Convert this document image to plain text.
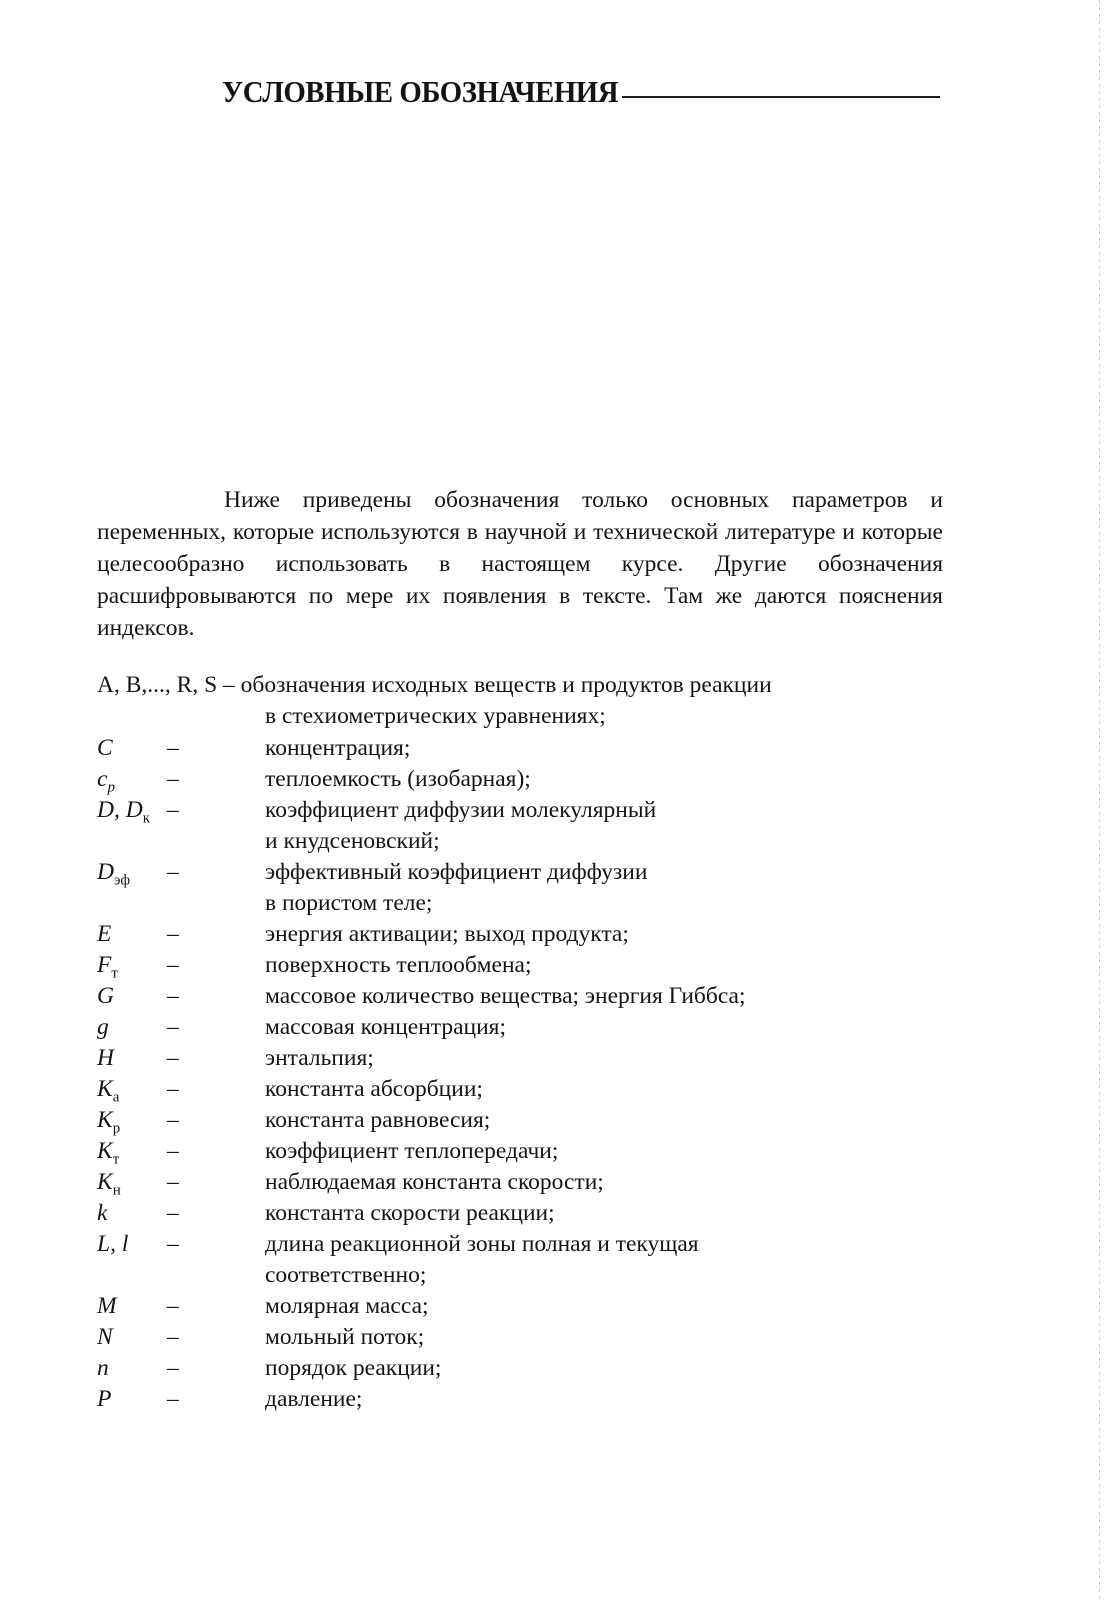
УСЛОВНЫЕ ОБОЗНАЧЕНИЯ

Ниже приведены обозначения только основных параметров и переменных, которые используются в научной и технической литературе и которые целесообразно использовать в настоящем курсе. Другие обозначения расшифровываются по мере их появления в тексте. Там же даются пояснения индексов.

A, B,..., R, S – обозначения исходных веществ и продуктов реакции
в стехиометрических уравнениях;
C –	концентрация;
$c_p$ –	теплоемкость (изобарная);
D, $D_к$ –	коэффициент диффузии молекулярный
и кнудсеновский;
$D_{эф}$ –	эффективный коэффициент диффузии
в пористом теле;
E –	энергия активации; выход продукта;
$F_т$ –	поверхность теплообмена;
G –	массовое количество вещества; энергия Гиббса;
g –	массовая концентрация;
H –	энтальпия;
$K_а$ –	константа абсорбции;
$K_р$ –	константа равновесия;
$K_т$ –	коэффициент теплопередачи;
$K_н$ –	наблюдаемая константа скорости;
k	–	константа скорости реакции;
L, l –	длина реакционной зоны полная и текущая
соответственно;
M –	молярная масса;
N –	мольный поток;
n –	порядок реакции;
P –	давление;
